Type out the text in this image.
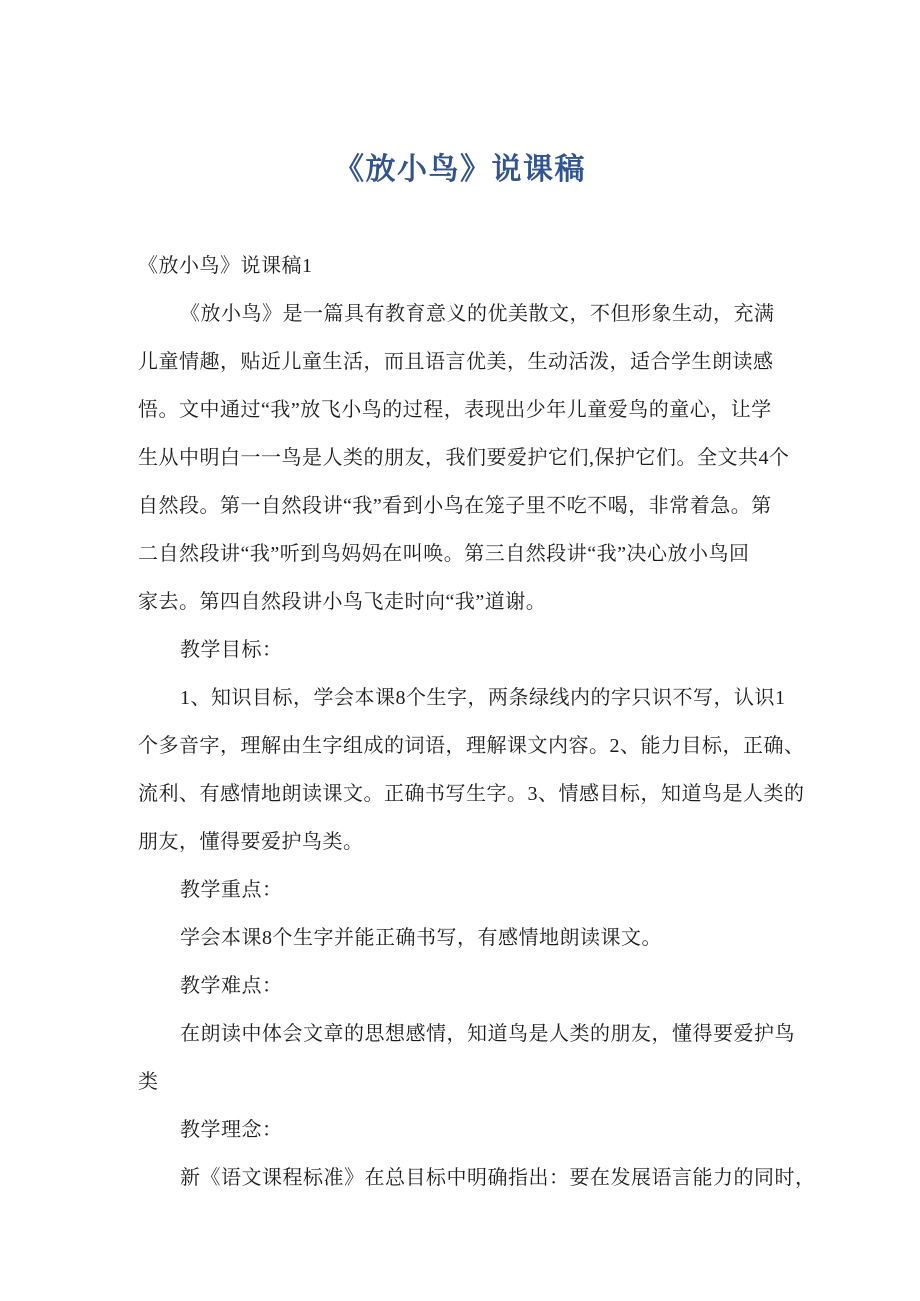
《放小鸟》说课稿
《放小鸟》说课稿1
《放小鸟》是一篇具有教育意义的优美散文，不但形象生动，充满
儿童情趣，贴近儿童生活，而且语言优美，生动活泼，适合学生朗读感
悟。文中通过“我”放飞小鸟的过程，表现出少年儿童爱鸟的童心，让学
生从中明白一一鸟是人类的朋友，我们要爱护它们,保护它们。全文共4个
自然段。第一自然段讲“我”看到小鸟在笼子里不吃不喝，非常着急。第
二自然段讲“我”听到鸟妈妈在叫唤。第三自然段讲“我”决心放小鸟回
家去。第四自然段讲小鸟飞走时向“我”道谢。
教学目标：
1、知识目标，学会本课8个生字，两条绿线内的字只识不写，认识1
个多音字，理解由生字组成的词语，理解课文内容。2、能力目标，正确、
流利、有感情地朗读课文。正确书写生字。3、情感目标，知道鸟是人类的
朋友，懂得要爱护鸟类。
教学重点：
学会本课8个生字并能正确书写，有感情地朗读课文。
教学难点：
在朗读中体会文章的思想感情，知道鸟是人类的朋友，懂得要爱护鸟
类
教学理念：
新《语文课程标准》在总目标中明确指出：要在发展语言能力的同时，
